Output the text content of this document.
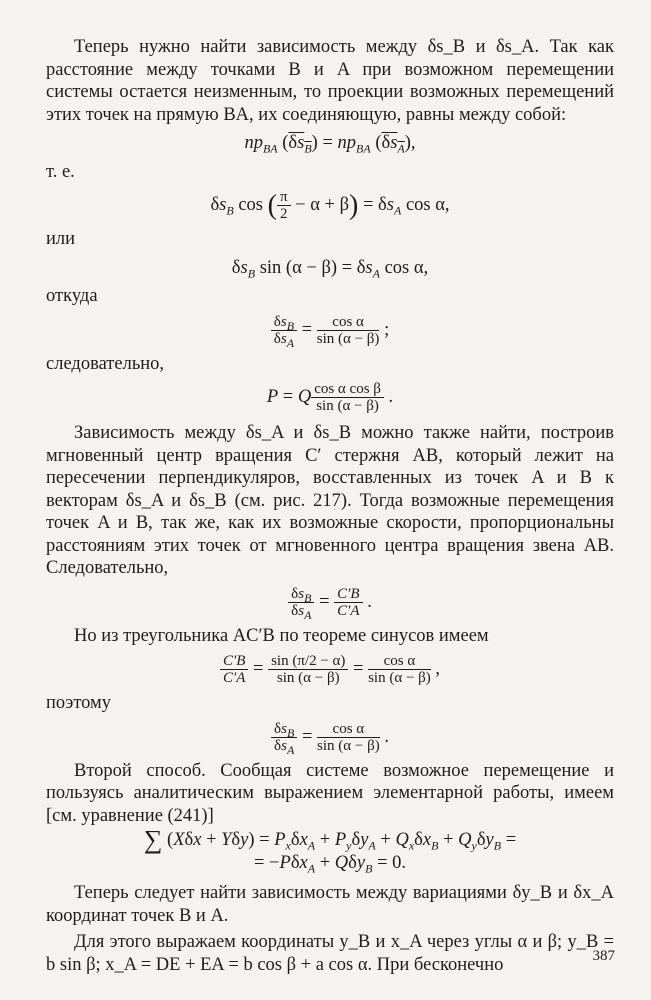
Теперь нужно найти зависимость между δs_B и δs_A. Так как расстояние между точками B и A при возможном перемещении системы остается неизменным, то проекции возможных перемещений этих точек на прямую BA, их соединяющую, равны между собой:

$np_{BA}$ $(\delta s_B) = np_{BA}$ $(\delta s_A)$,
т. е.
$\delta s_B$ cos ( $\frac{\pi}{2} - \alpha + \beta) = \delta s_A$ cos α,
или
$\delta s_B$ $\sin (\alpha - \beta) = \delta s_A$ cos α,
откуда
$\frac{\delta s_B}{\delta s_A} = \frac{\text{cos α}}{\sin (\alpha - \beta)}$ ;
следовательно,
P = Q $\frac{\text{cos α cos β}}{\sin (\alpha - \beta)}$ .

Зависимость между δs_A и δs_B можно также найти, построив мгновенный центр вращения C′ стержня AB, который лежит на пересечении перпендикуляров, восставленных из точек A и B к векторам δs_A и δs_B (см. рис. 217). Тогда возможные перемещения точек A и B, так же, как их возможные скорости, пропорциональны расстояниям этих точек от мгновенного центра вращения звена AB. Следовательно,

$\frac{\delta s_B}{\delta s_A} = \frac{C'B}{C'A}$ .

Но из треугольника AC′B по теореме синусов имеем

$\frac{C'B}{C'A} = \frac{\sin (\pi/2 - \alpha)}{\sin (\alpha - \beta)} = \frac{\text{cos α}}{\sin (\alpha - \beta)}$ ,
поэтому
$\frac{\delta s_B}{\delta s_A} = \frac{\text{cos α}}{\sin (\alpha - \beta)}$ .

Второй способ. Сообщая системе возможное перемещение и пользуясь аналитическим выражением элементарной работы, имеем [см. уравнение (241)]

∑ $(X\delta x + Y\delta y) = P_x\delta x_A + P_y\delta y_A + Q_x\delta x_B + Q_y\delta y_B$ =
= −Pδx$_A$ + Qδy$_B$ = 0.

Теперь следует найти зависимость между вариациями δy_B и δx_A координат точек B и A.

Для этого выражаем координаты y_B и x_A через углы α и β; y_B = b sin β; x_A = DE + EA = b cos β + a cos α. При бесконечно	387
